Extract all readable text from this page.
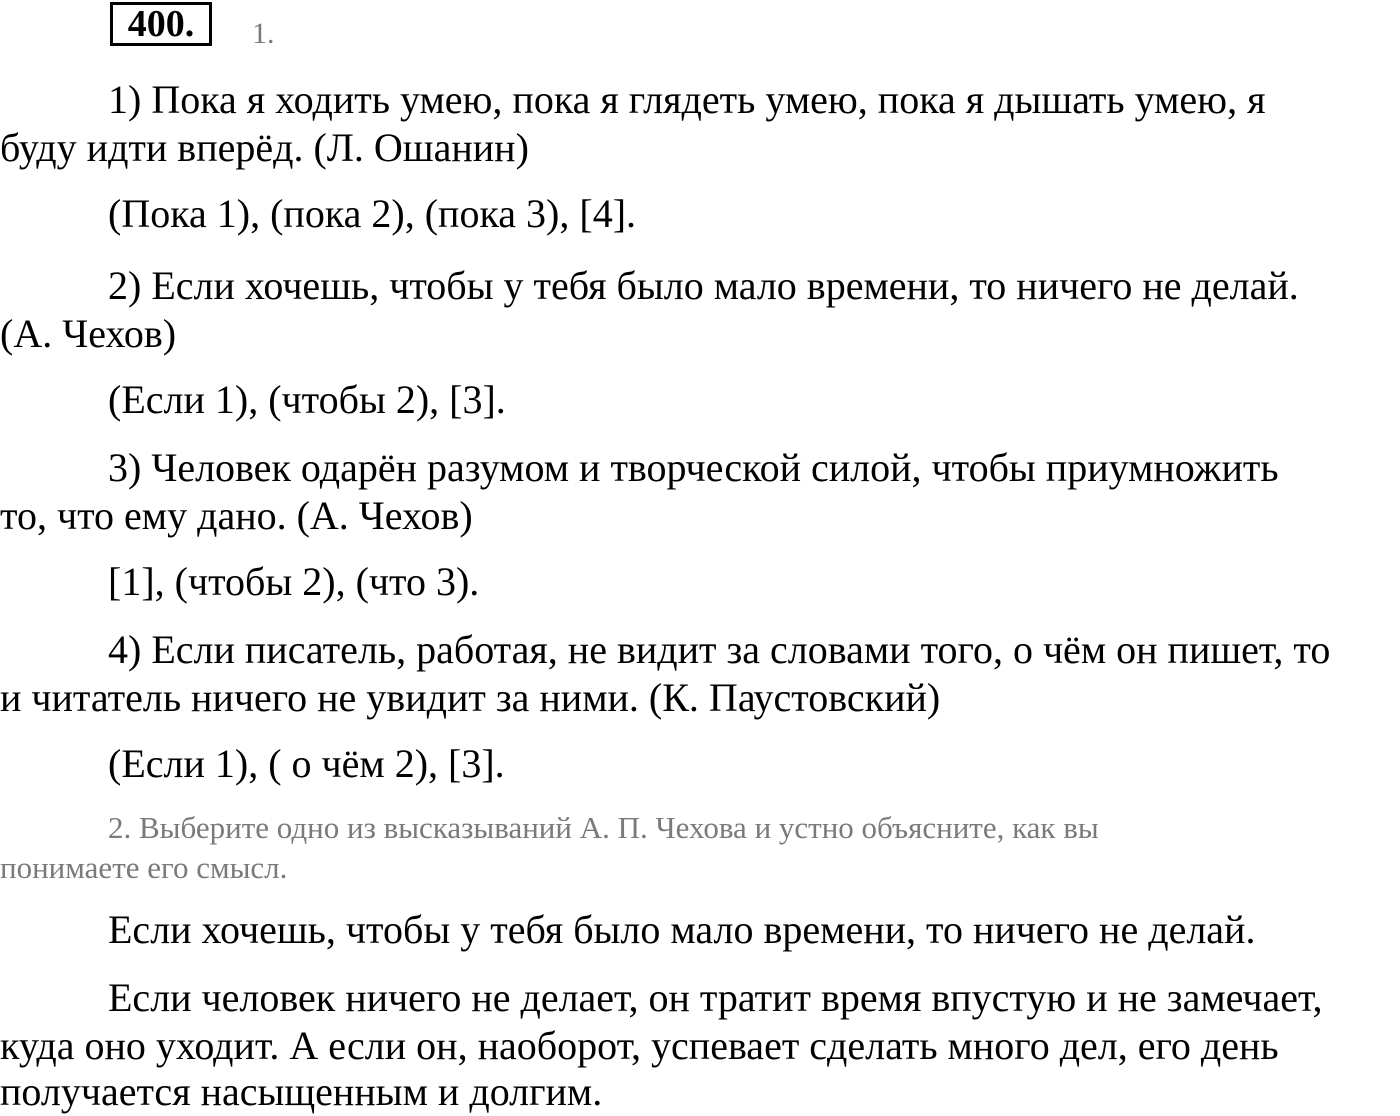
400.	1.

1) Пока я ходить умею, пока я глядеть умею, пока я дышать умею, я

буду идти вперёд. (Л. Ошанин)

(Пока 1), (пока 2), (пока 3), [4].

2) Если хочешь, чтобы у тебя было мало времени, то ничего не делай.

(А. Чехов)

(Если 1), (чтобы 2), [3].

3) Человек одарён разумом и творческой силой, чтобы приумножить

то, что ему дано. (А. Чехов)

[1], (чтобы 2), (что 3).

4) Если писатель, работая, не видит за словами того, о чём он пишет, то

и читатель ничего не увидит за ними. (К. Паустовский)

(Если 1), ( о чём 2), [3].

2. Выберите одно из высказываний А. П. Чехова и устно объясните, как вы

понимаете его смысл.

Если хочешь, чтобы у тебя было мало времени, то ничего не делай.

Если человек ничего не делает, он тратит время впустую и не замечает,

куда оно уходит. А если он, наоборот, успевает сделать много дел, его день

получается насыщенным и долгим.
